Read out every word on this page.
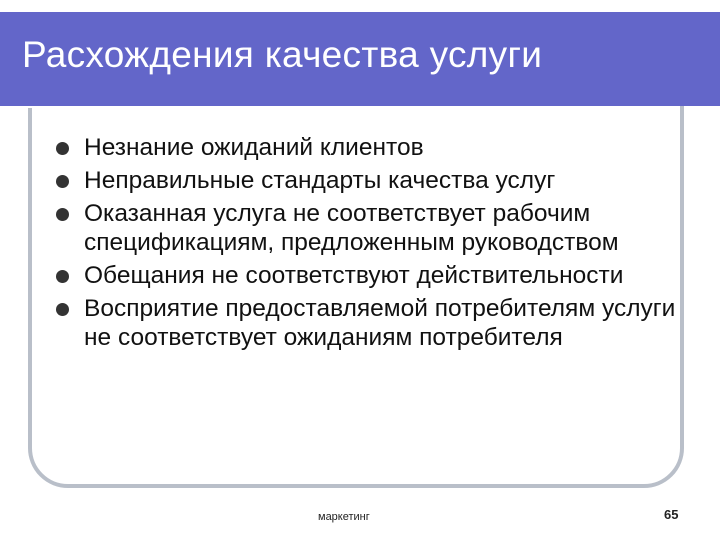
Расхождения качества услуги
Незнание ожиданий клиентов
Неправильные стандарты качества услуг
Оказанная услуга не соответствует рабочим спецификациям, предложенным руководством
Обещания не соответствуют действительности
Восприятие предоставляемой потребителям услуги не соответствует ожиданиям потребителя
маркетинг	65
